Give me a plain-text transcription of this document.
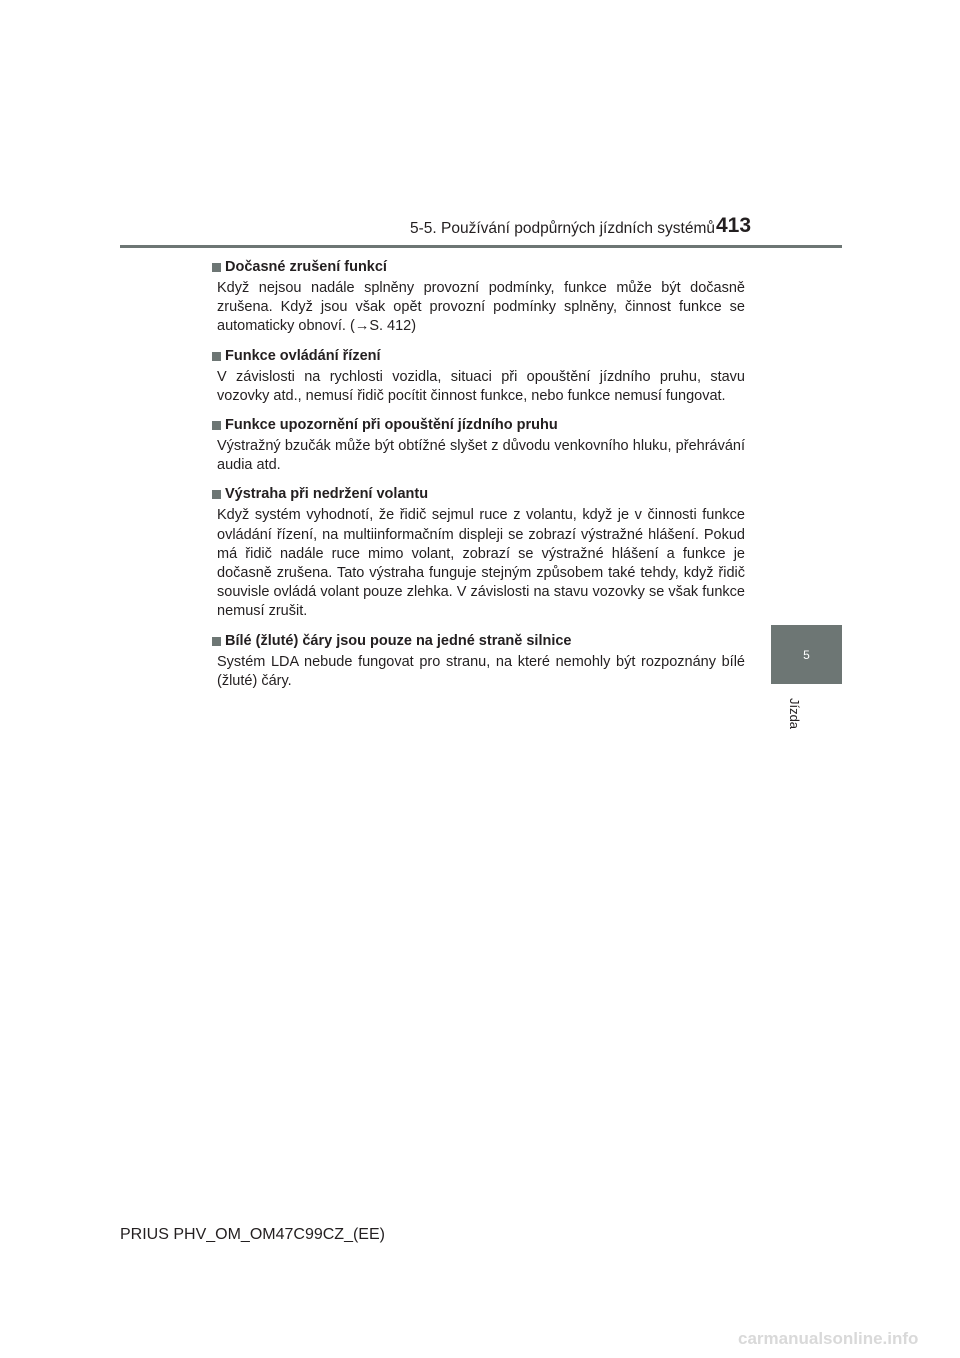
5-5. Používání podpůrných jízdních systémů 413
Dočasné zrušení funkcí
Když nejsou nadále splněny provozní podmínky, funkce může být dočasně zrušena. Když jsou však opět provozní podmínky splněny, činnost funkce se automaticky obnoví. (→S. 412)
Funkce ovládání řízení
V závislosti na rychlosti vozidla, situaci při opouštění jízdního pruhu, stavu vozovky atd., nemusí řidič pocítit činnost funkce, nebo funkce nemusí fungovat.
Funkce upozornění při opouštění jízdního pruhu
Výstražný bzučák může být obtížné slyšet z důvodu venkovního hluku, přehrávání audia atd.
Výstraha při nedržení volantu
Když systém vyhodnotí, že řidič sejmul ruce z volantu, když je v činnosti funkce ovládání řízení, na multiinformačním displeji se zobrazí výstražné hlášení. Pokud má řidič nadále ruce mimo volant, zobrazí se výstražné hlášení a funkce je dočasně zrušena. Tato výstraha funguje stejným způsobem také tehdy, když řidič souvisle ovládá volant pouze zlehka. V závislosti na stavu vozovky se však funkce nemusí zrušit.
Bílé (žluté) čáry jsou pouze na jedné straně silnice
Systém LDA nebude fungovat pro stranu, na které nemohly být rozpoznány bílé (žluté) čáry.
5
Jízda
PRIUS PHV_OM_OM47C99CZ_(EE)
carmanualsonline.info
